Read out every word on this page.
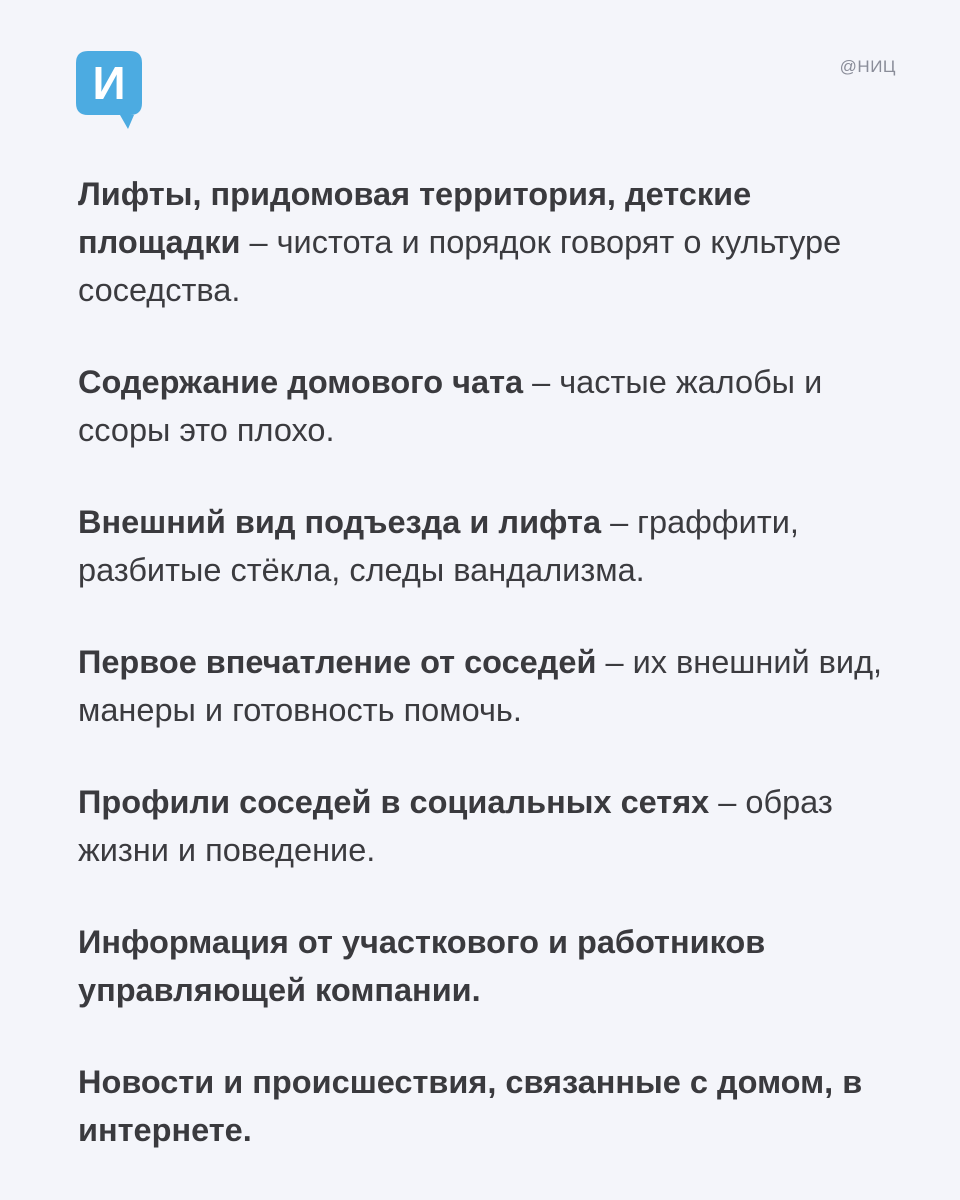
И	@НИЦ

Лифты, придомовая территория, детские площадки – чистота и порядок говорят о культуре соседства.

Содержание домового чата – частые жалобы и ссоры это плохо.

Внешний вид подъезда и лифта – граффити, разбитые стёкла, следы вандализма.

Первое впечатление от соседей – их внешний вид, манеры и готовность помочь.

Профили соседей в социальных сетях – образ жизни и поведение.

Информация от участкового и работников управляющей компании.

Новости и происшествия, связанные с домом, в интернете.
